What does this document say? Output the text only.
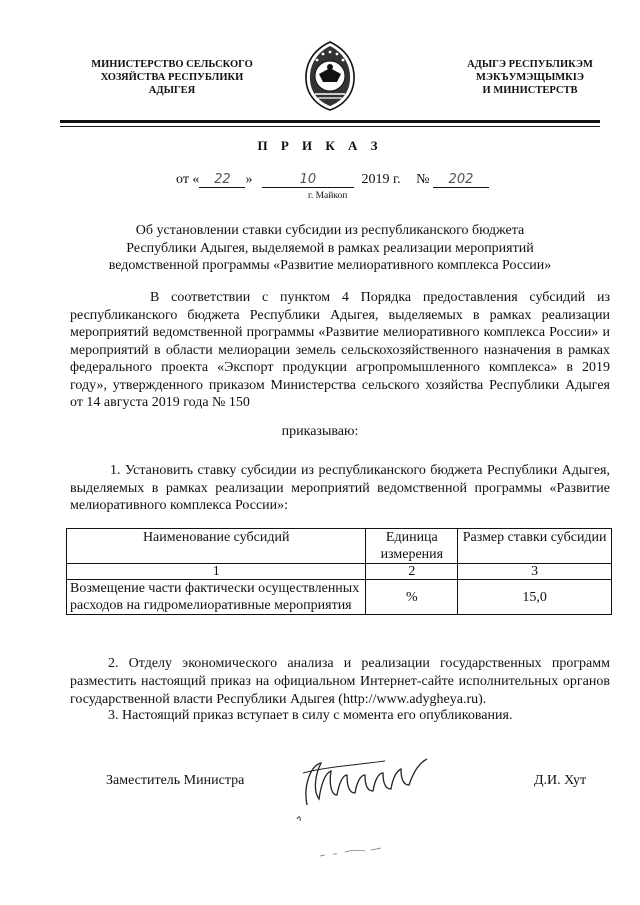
МИНИСТЕРСТВО СЕЛЬСКОГО
ХОЗЯЙСТВА РЕСПУБЛИКИ
АДЫГЕЯ
АДЫГЭ РЕСПУБЛИКЭМ
МЭКЪУМЭЩЫМКIЭ
И МИНИСТЕРСТВ
П Р И К А З
от « 22 »	10	2019 г. № 202
г. Майкоп
Об установлении ставки субсидии из республиканского бюджета
Республики Адыгея, выделяемой в рамках реализации мероприятий
ведомственной программы «Развитие мелиоративного комплекса России»
В соответствии с пунктом 4 Порядка предоставления субсидий из республиканского бюджета Республики Адыгея, выделяемых в рамках реализации мероприятий ведомственной программы «Развитие мелиоративного комплекса России» и мероприятий в области мелиорации земель сельскохозяйственного назначения в рамках федерального проекта «Экспорт продукции агропромышленного комплекса» в 2019 году», утвержденного приказом Министерства сельского хозяйства Республики Адыгея от 14 августа 2019 года № 150
приказываю:
1. Установить ставку субсидии из республиканского бюджета Республики Адыгея, выделяемых в рамках реализации мероприятий ведомственной программы «Развитие мелиоративного комплекса России»:
Наименование субсидий	Единица измерения	Размер ставки субсидии
1	2	3
Возмещение части фактически осуществленных расходов на гидромелиоративные мероприятия	%	15,0
2. Отделу экономического анализа и реализации государственных программ разместить настоящий приказ на официальном Интернет-сайте исполнительных органов государственной власти Республики Адыгея (http://www.adygheya.ru).
3. Настоящий приказ вступает в силу с момента его опубликования.
Заместитель Министра	Д.И. Хут
